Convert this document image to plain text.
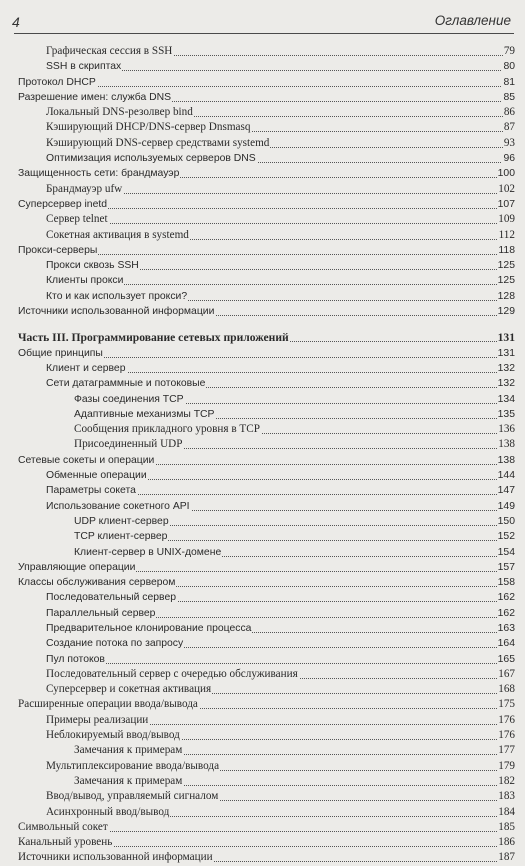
4	Оглавление
Графическая сессия в SSH	79
SSH в скриптах	80
Протокол DHCP	81
Разрешение имен: служба DNS	85
Локальный DNS-резолвер bind	86
Кэширующий DHCP/DNS-сервер Dnsmasq	87
Кэширующий DNS-сервер средствами systemd	93
Оптимизация используемых серверов DNS	96
Защищенность сети: брандмауэр	100
Брандмауэр ufw	102
Суперсервер inetd	107
Сервер telnet	109
Сокетная активация в systemd	112
Прокси-серверы	118
Прокси сквозь SSH	125
Клиенты прокси	125
Кто и как использует прокси?	128
Источники использованной информации	129
Часть III. Программирование сетевых приложений	131
Общие принципы	131
Клиент и сервер	132
Сети датаграммные и потоковые	132
Фазы соединения TCP	134
Адаптивные механизмы TCP	135
Сообщения прикладного уровня в TCP	136
Присоединенный UDP	138
Сетевые сокеты и операции	138
Обменные операции	144
Параметры сокета	147
Использование сокетного API	149
UDP клиент-сервер	150
TCP клиент-сервер	152
Клиент-сервер в UNIX-домене	154
Управляющие операции	157
Классы обслуживания сервером	158
Последовательный сервер	162
Параллельный сервер	162
Предварительное клонирование процесса	163
Создание потока по запросу	164
Пул потоков	165
Последовательный сервер с очередью обслуживания	167
Суперсервер и сокетная активация	168
Расширенные операции ввода/вывода	175
Примеры реализации	176
Неблокируемый ввод/вывод	176
Замечания к примерам	177
Мультиплексирование ввода/вывода	179
Замечания к примерам	182
Ввод/вывод, управляемый сигналом	183
Асинхронный ввод/вывод	184
Символьный сокет	185
Канальный уровень	186
Источники использованной информации	187
